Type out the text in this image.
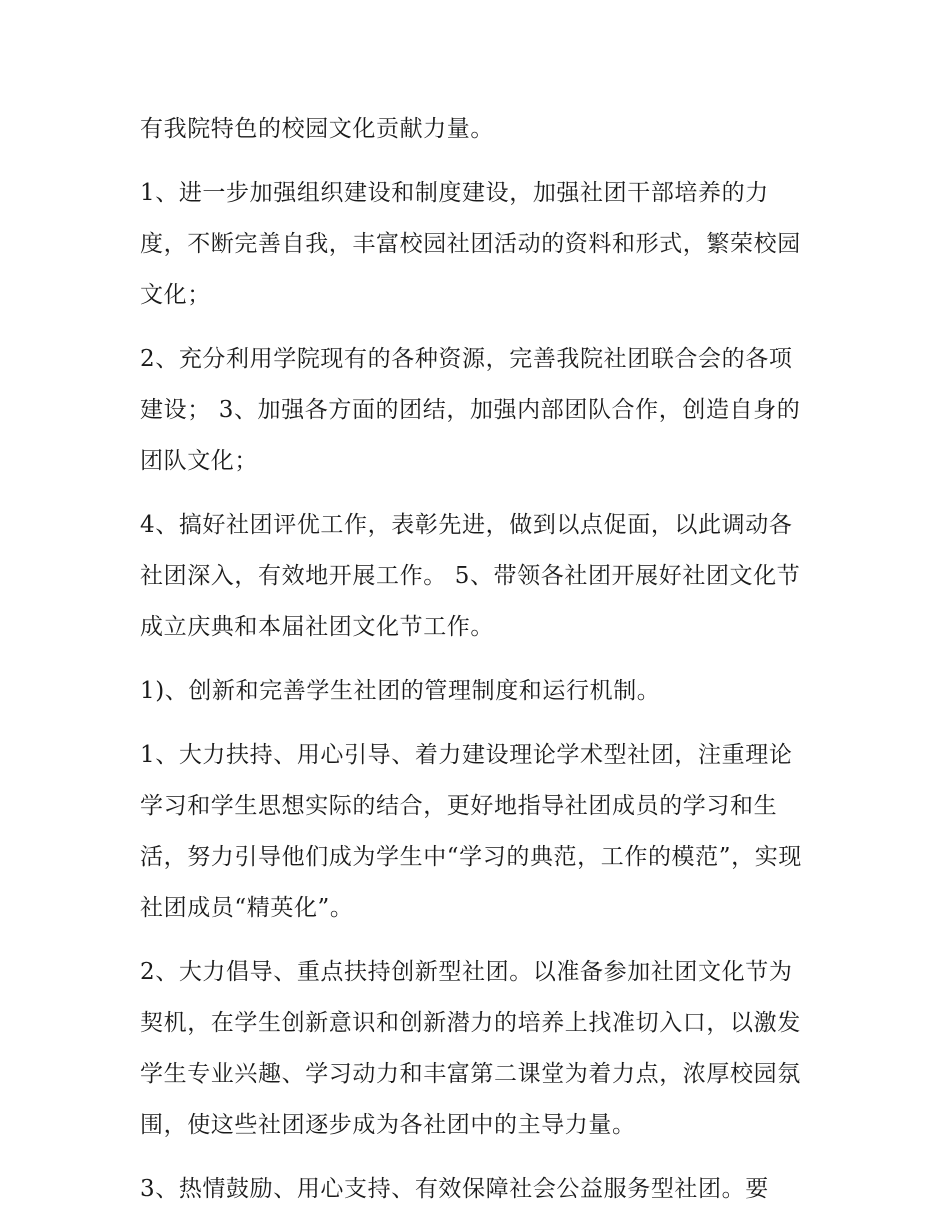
有我院特色的校园文化贡献力量。

1、进一步加强组织建设和制度建设，加强社团干部培养的力度，不断完善自我，丰富校园社团活动的资料和形式，繁荣校园文化；

2、充分利用学院现有的各种资源，完善我院社团联合会的各项建设； 3、加强各方面的团结，加强内部团队合作，创造自身的团队文化；

4、搞好社团评优工作，表彰先进，做到以点促面，以此调动各社团深入，有效地开展工作。 5、带领各社团开展好社团文化节成立庆典和本届社团文化节工作。

1)、创新和完善学生社团的管理制度和运行机制。

1、大力扶持、用心引导、着力建设理论学术型社团，注重理论学习和学生思想实际的结合，更好地指导社团成员的学习和生活，努力引导他们成为学生中“学习的典范，工作的模范”，实现社团成员“精英化”。

2、大力倡导、重点扶持创新型社团。以准备参加社团文化节为契机，在学生创新意识和创新潜力的培养上找准切入口，以激发学生专业兴趣、学习动力和丰富第二课堂为着力点，浓厚校园氛围，使这些社团逐步成为各社团中的主导力量。

3、热情鼓励、用心支持、有效保障社会公益服务型社团。要
